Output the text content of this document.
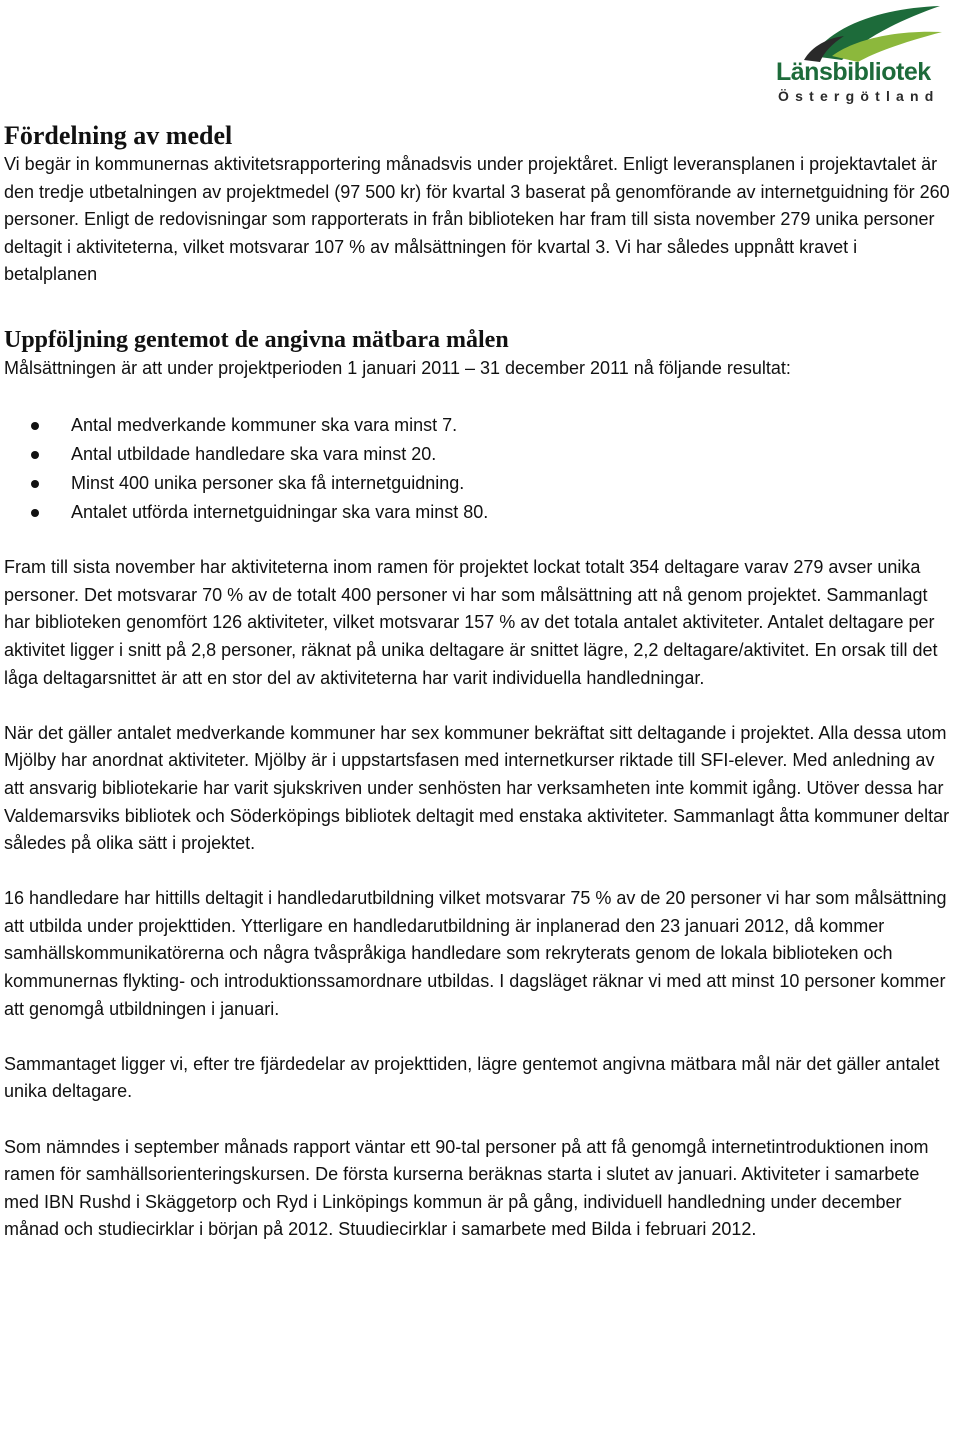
Länsbibliotek
Östergötland
Fördelning av medel

Vi begär in kommunernas aktivitetsrapportering månadsvis under projektåret. Enligt leveransplanen i projektavtalet är den tredje utbetalningen av projektmedel (97 500 kr) för kvartal 3 baserat på genomförande av internetguidning för 260 personer. Enligt de redovisningar som rapporterats in från biblioteken har fram till sista november 279 unika personer deltagit i aktiviteterna, vilket motsvarar 107 % av målsättningen för kvartal 3. Vi har således uppnått kravet i betalplanen

Uppföljning gentemot de angivna mätbara målen

Målsättningen är att under projektperioden 1 januari 2011 – 31 december 2011 nå följande resultat:

Antal medverkande kommuner ska vara minst 7.
Antal utbildade handledare ska vara minst 20.
Minst 400 unika personer ska få internetguidning.
Antalet utförda internetguidningar ska vara minst 80.

Fram till sista november har aktiviteterna inom ramen för projektet lockat totalt 354 deltagare varav 279 avser unika personer. Det motsvarar 70 % av de totalt 400 personer vi har som målsättning att nå genom projektet. Sammanlagt har biblioteken genomfört 126 aktiviteter, vilket motsvarar 157 % av det totala antalet aktiviteter. Antalet deltagare per aktivitet ligger i snitt på 2,8 personer, räknat på unika deltagare är snittet lägre, 2,2 deltagare/aktivitet. En orsak till det låga deltagarsnittet är att en stor del av aktiviteterna har varit individuella handledningar.

När det gäller antalet medverkande kommuner har sex kommuner bekräftat sitt deltagande i projektet. Alla dessa utom Mjölby har anordnat aktiviteter. Mjölby är i uppstartsfasen med internetkurser riktade till SFI-elever. Med anledning av att ansvarig bibliotekarie har varit sjukskriven under senhösten har verksamheten inte kommit igång. Utöver dessa har Valdemarsviks bibliotek och Söderköpings bibliotek deltagit med enstaka aktiviteter. Sammanlagt åtta kommuner deltar således på olika sätt i projektet.

16 handledare har hittills deltagit i handledarutbildning vilket motsvarar 75 % av de 20 personer vi har som målsättning att utbilda under projekttiden. Ytterligare en handledarutbildning är inplanerad den 23 januari 2012, då kommer samhällskommunikatörerna och några tvåspråkiga handledare som rekryterats genom de lokala biblioteken och kommunernas flykting- och introduktionssamordnare utbildas. I dagsläget räknar vi med att minst 10 personer kommer att genomgå utbildningen i januari.

Sammantaget ligger vi, efter tre fjärdedelar av projekttiden, lägre gentemot angivna mätbara mål när det gäller antalet unika deltagare.

Som nämndes i september månads rapport väntar ett 90-tal personer på att få genomgå internetintroduktionen inom ramen för samhällsorienteringskursen. De första kurserna beräknas starta i slutet av januari. Aktiviteter i samarbete med IBN Rushd i Skäggetorp och Ryd i Linköpings kommun är på gång, individuell handledning under december månad och studiecirklar i början på 2012. Stuudiecirklar i samarbete med Bilda i februari 2012.
